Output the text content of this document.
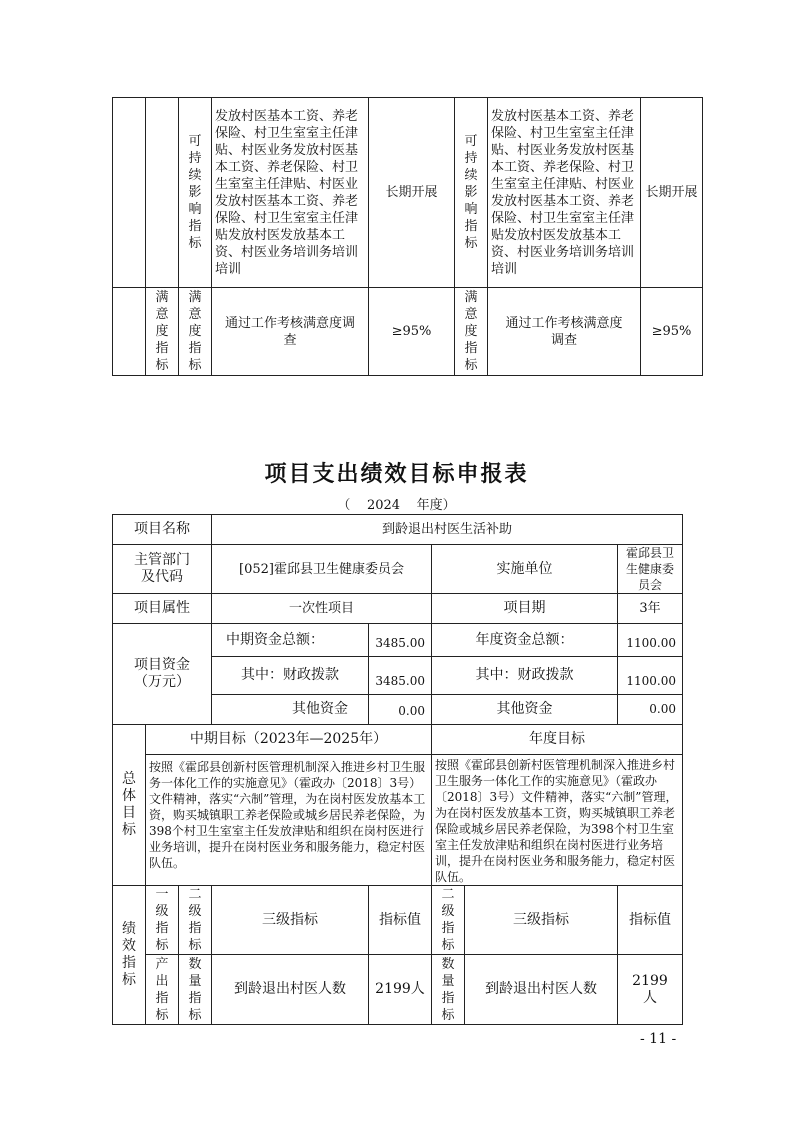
		可持续影响指标	发放村医基本工资、养老保险、村卫生室室主任津贴、村医业务发放村医基本工资、养老保险、村卫生室室主任津贴、村医业发放村医基本工资、养老保险、村卫生室室主任津贴发放村医发放基本工资、村医业务培训务培训培训	长期开展	可持续影响指标	发放村医基本工资、养老保险、村卫生室室主任津贴、村医业务发放村医基本工资、养老保险、村卫生室室主任津贴、村医业发放村医基本工资、养老保险、村卫生室室主任津贴发放村医发放基本工资、村医业务培训务培训培训	长期开展
	满意度指标	满意度指标	通过工作考核满意度调查	≥95%	满意度指标	通过工作考核满意度调查	≥95%
项目支出绩效目标申报表
（    2024    年度）
项目名称			到龄退出村医生活补助				
主管部门及代码			[052]霍邱县卫生健康委员会		实施单位		霍邱县卫生健康委员会
项目属性			一次性项目		项目期		3年
项目资金（万元）			中期资金总额：	3485.00	年度资金总额：		1100.00
			其中：财政拨款	3485.00	其中：财政拨款		1100.00
			其他资金	0.00	其他资金		0.00
总体目标	中期目标（2023年—2025年）				年度目标		
	按照《霍邱县创新村医管理机制深入推进乡村卫生服务一体化工作的实施意见》（霍政办〔2018〕3号）文件精神，落实“六制”管理，为在岗村医发放基本工资，购买城镇职工养老保险或城乡居民养老保险，为398个村卫生室室主任发放津贴和组织在岗村医进行业务培训，提升在岗村医业务和服务能力，稳定村医队伍。				按照《霍邱县创新村医管理机制深入推进乡村卫生服务一体化工作的实施意见》（霍政办〔2018〕3号）文件精神，落实“六制”管理，为在岗村医发放基本工资，购买城镇职工养老保险或城乡居民养老保险，为398个村卫生室室主任发放津贴和组织在岗村医进行业务培训，提升在岗村医业务和服务能力，稳定村医队伍。		
绩效指标	一级指标	二级指标	三级指标	指标值	二级指标	三级指标	指标值
	产出指标	数量指标	到龄退出村医人数	2199人	数量指标	到龄退出村医人数	2199人
- 11 -
